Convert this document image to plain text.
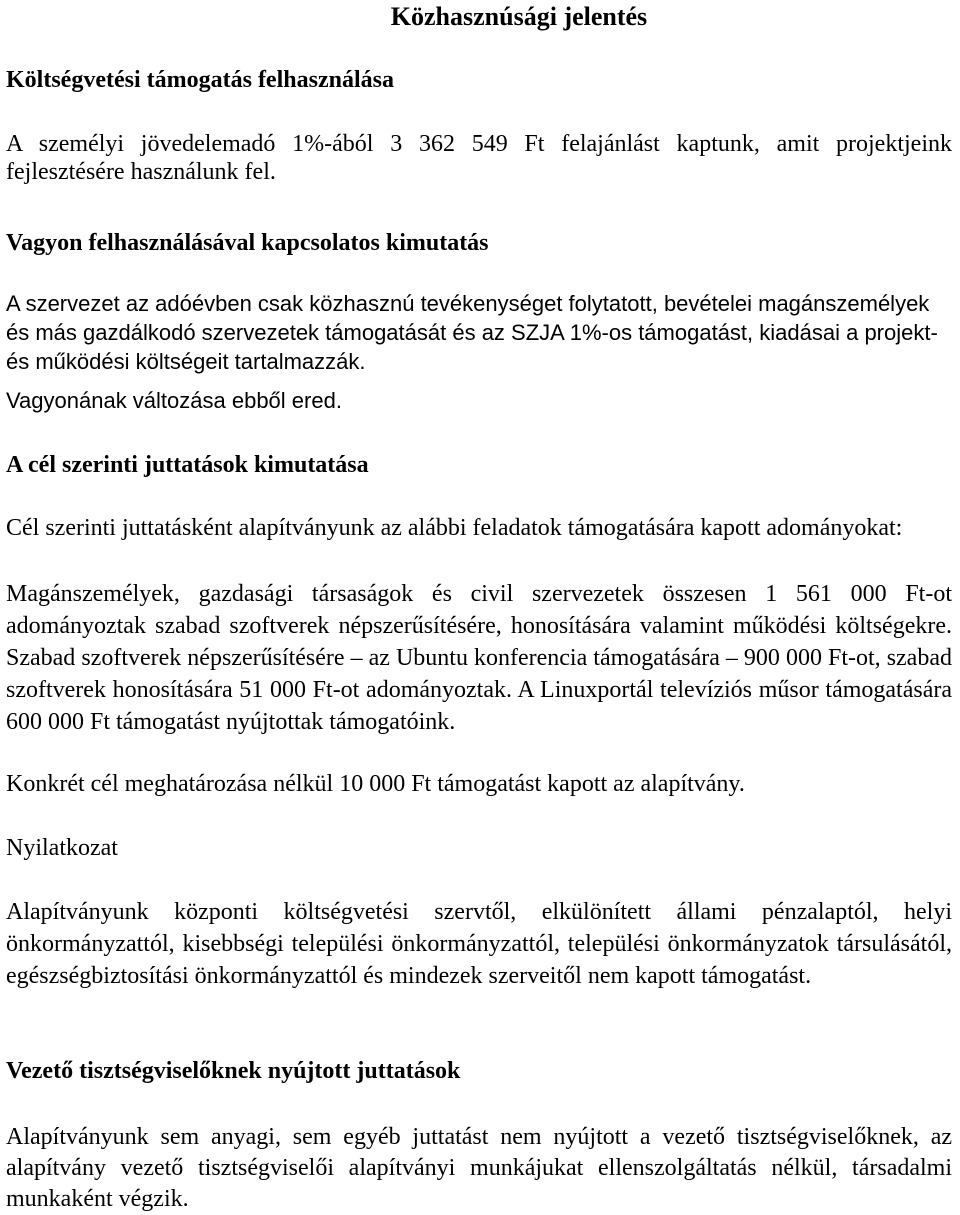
Közhasznúsági jelentés
Költségvetési támogatás felhasználása

A személyi jövedelemadó 1%-ából 3 362 549 Ft felajánlást kaptunk, amit projektjeink fejlesztésére használunk fel.

Vagyon felhasználásával kapcsolatos kimutatás

A szervezet az adóévben csak közhasznú tevékenységet folytatott, bevételei magánszemélyek és más gazdálkodó szervezetek támogatását és az SZJA 1%-os támogatást, kiadásai a projekt- és működési költségeit tartalmazzák.

Vagyonának változása ebből ered.

A cél szerinti juttatások kimutatása

Cél szerinti juttatásként alapítványunk az alábbi feladatok támogatására kapott adományokat:

Magánszemélyek, gazdasági társaságok és civil szervezetek összesen 1 561 000 Ft-ot adományoztak szabad szoftverek népszerűsítésére, honosítására valamint működési költségekre. Szabad szoftverek népszerűsítésére – az Ubuntu konferencia támogatására – 900 000 Ft-ot, szabad szoftverek honosítására 51 000 Ft-ot adományoztak. A Linuxportál televíziós műsor támogatására 600 000 Ft támogatást nyújtottak támogatóink.

Konkrét cél meghatározása nélkül 10 000 Ft támogatást kapott az alapítvány.

Nyilatkozat

Alapítványunk központi költségvetési szervtől, elkülönített állami pénzalaptól, helyi önkormányzattól, kisebbségi települési önkormányzattól, települési önkormányzatok társulásától, egészségbiztosítási önkormányzattól és mindezek szerveitől nem kapott támogatást.

Vezető tisztségviselőknek nyújtott juttatások

Alapítványunk sem anyagi, sem egyéb juttatást nem nyújtott a vezető tisztségviselőknek, az alapítvány vezető tisztségviselői alapítványi munkájukat ellenszolgáltatás nélkül, társadalmi munkaként végzik.
